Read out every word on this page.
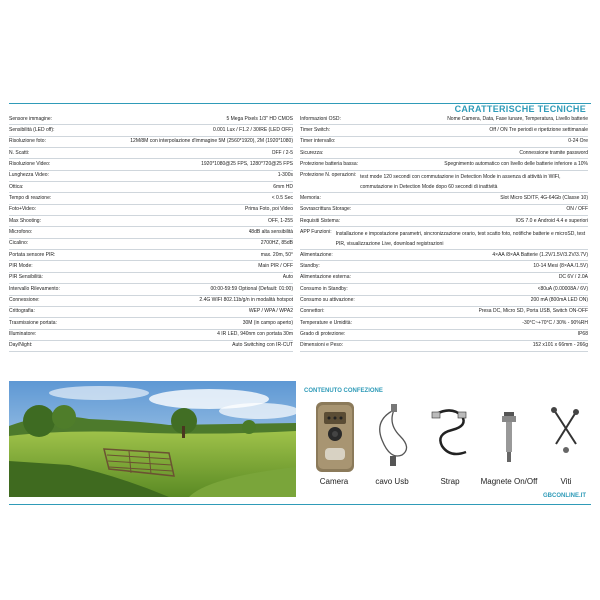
CARATTERISCHE TECNICHE
Sensore immagine:	5 Mega Pixels 1/3" HD CMOS
Sensibilità (LED off):	0.001 Lux / F1.2 / 30IRE (LED OFF)
Risoluzione foto:	12M/8M con interpolazione d'immagine 5M (2560*1920), 2M (1920*1080)
N. Scatti:	OFF / 2-5
Risoluzione Video:	1920*1080@25 FPS, 1280*720@25 FPS
Lunghezza Video:	1-300s
Ottica:	6mm HD
Tempo di reazione:	< 0.5 Sec
Foto+Video:	Prima Foto, poi Video
Max Shooting:	OFF, 1-255
Microfono:	48dB alta sensibilità
Cicalino:	2700HZ, 85dB
Portata sensore PIR:	max. 20m, 50°
PIR Mode:	Main PIR / OFF
PIR Sensibilità:	Auto
Intervallo Rilevamento:	00:00-59:59 Optional (Default: 01:00)
Connessione:	2.4G WIFI 802.11b/g/n in modalità hotspot
Crittografia:	WEP / WPA / WPA2
Trasmissione portata:	30M (in campo aperto)
Illuminatore:	4 IR LED, 940nm con portata 30m
Day/Night:	Auto Switching con IR-CUT
Informazioni OSD:	Nome Camera, Data, Fase lunare, Temperatura, Livello batterie
Timer Switch:	Off / ON Tre periodi e ripetizione settimanale
Timer intervallo:	0-24 Ore
Sicurezza:	Connessione tramite password
Protezione batteria bassa:	Spegnimento automatico con livello delle batterie inferiore a 10%
Protezione N. operazioni: test mode 120 secondi con commutazione in Detection Mode in assenza di attività in WIFI, commutazione in Detection Mode dopo 60 secondi di inattività
Memoria:	Slot Micro SD/TF, 4G-64Gb (Classe 10)
Sovrascrittura Storage:	ON / OFF
Requisiti Sistema:	IOS 7.0 e Android 4.4 e superiori
APP Funzioni: Installazione e impostazione parametri, sincronizzazione orario, test scatto foto, notifiche batterie e microSD, test PIR, visualizzazione Live, download registrazioni
Alimentazione:	4×AA /8×AA Batterie (1.2V/1.5V/3.2V/3.7V)
Standby:	10-14 Mesi (8×AA /1.5V)
Alimentazione esterna:	DC 6V / 2.0A
Consumo in Standby:	<80uA (0.00008A / 6V)
Consumo su attivazione:	200 mA (800mA LED ON)
Connettori:	Presa DC, Micro SD, Porta USB, Switch ON-OFF
Temperature e Umidità:	-30°C~+70°C / 30% - 90%RH
Grado di protezione:	IP68
Dimensioni e Peso:	152 x101 x 66mm - 266g
CONTENUTO CONFEZIONE
Camera	cavo Usb	Strap	Magnete On/Off	Viti
GBCONLINE.IT
